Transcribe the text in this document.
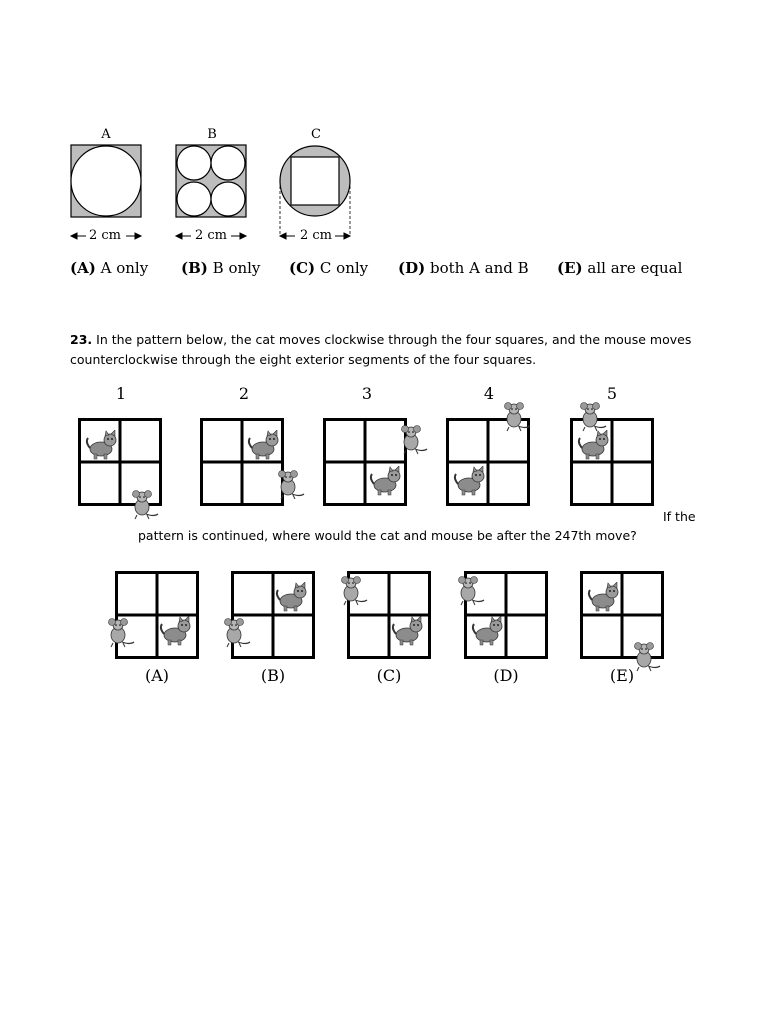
A	B	C
2 cm	2 cm	2 cm
(A) A only (B) B only (C) C only (D) both A and B (E) all are equal
23. In the pattern below, the cat moves clockwise through the four squares, and the mouse moves counterclockwise through the eight exterior segments of the four squares.
1	2	3	4	5
If the
pattern is continued, where would the cat and mouse be after the 247th move?
(A)	(B)	(C)	(D)	(E)
